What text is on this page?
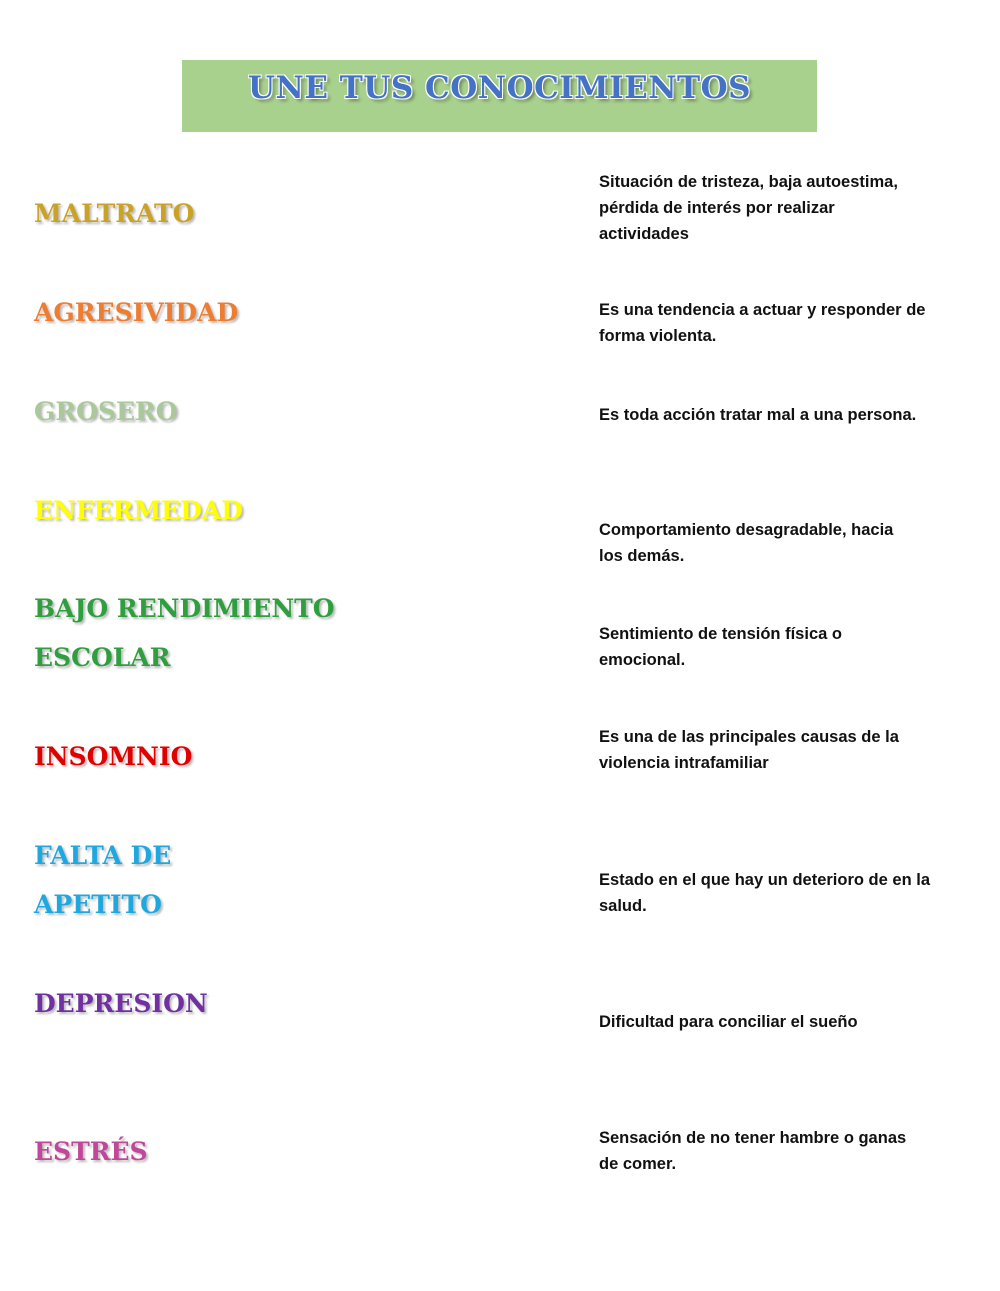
UNE TUS CONOCIMIENTOS

MALTRATO

AGRESIVIDAD

GROSERO

ENFERMEDAD

BAJO RENDIMIENTO
ESCOLAR

INSOMNIO

FALTA DE
APETITO

DEPRESION

ESTRÉS

Situación de tristeza, baja autoestima, pérdida de interés por realizar actividades

Es una tendencia a actuar y responder de forma violenta.

Es toda acción tratar mal a una persona.

Comportamiento desagradable, hacia los demás.

Sentimiento de tensión física o emocional.

Es una de las principales causas de la violencia intrafamiliar

Estado en el que hay un deterioro de en la salud.

Dificultad para conciliar el sueño

Sensación de no tener hambre o ganas de comer.
